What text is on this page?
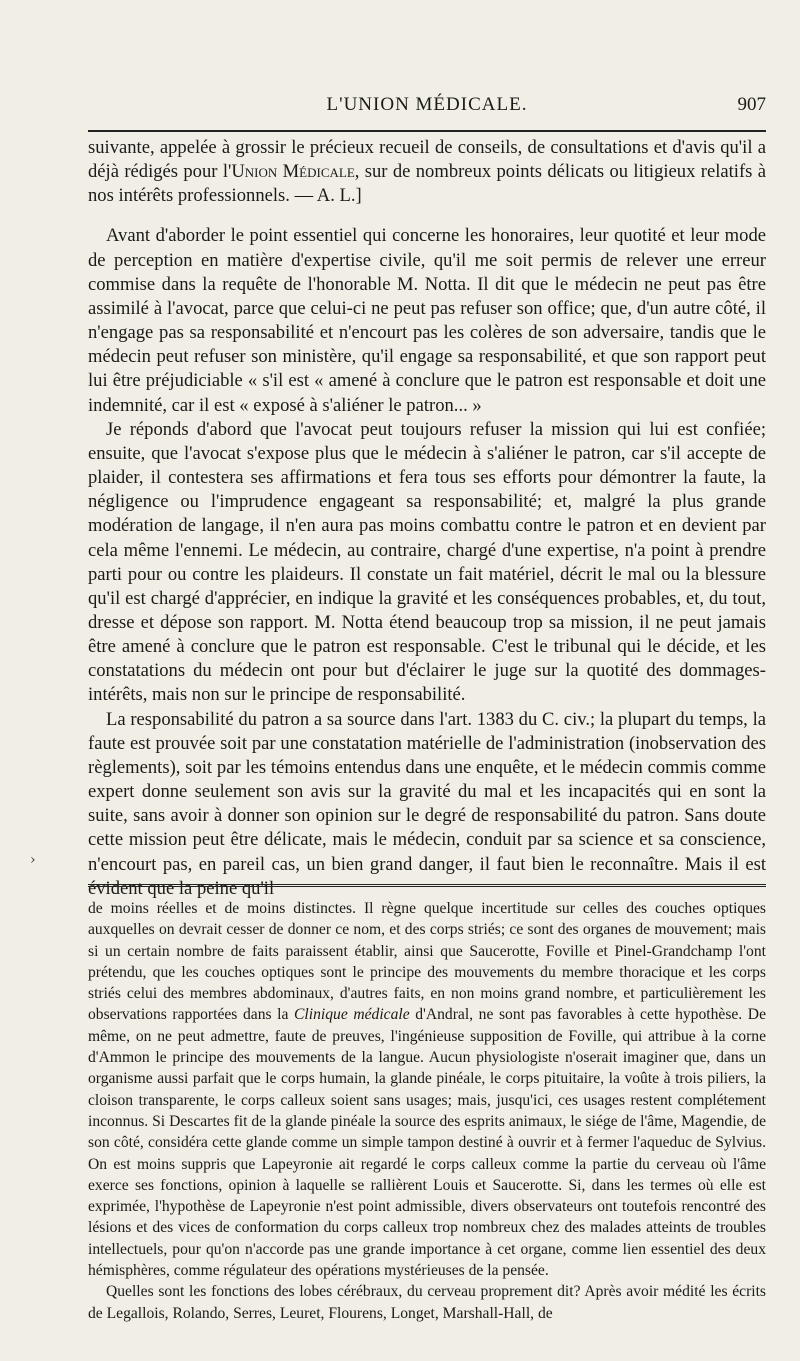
L'UNION MÉDICALE.	907

suivante, appelée à grossir le précieux recueil de conseils, de consultations et d'avis qu'il a déjà rédigés pour l'Union Médicale, sur de nombreux points délicats ou litigieux relatifs à nos intérêts professionnels. — A. L.]

Avant d'aborder le point essentiel qui concerne les honoraires, leur quotité et leur mode de perception en matière d'expertise civile, qu'il me soit permis de relever une erreur commise dans la requête de l'honorable M. Notta. Il dit que le médecin ne peut pas être assimilé à l'avocat, parce que celui-ci ne peut pas refuser son office; que, d'un autre côté, il n'engage pas sa responsabilité et n'encourt pas les colères de son adversaire, tandis que le médecin peut refuser son ministère, qu'il engage sa responsabilité, et que son rapport peut lui être préjudiciable « s'il est « amené à conclure que le patron est responsable et doit une indemnité, car il est « exposé à s'aliéner le patron... »

Je réponds d'abord que l'avocat peut toujours refuser la mission qui lui est confiée; ensuite, que l'avocat s'expose plus que le médecin à s'aliéner le patron, car s'il accepte de plaider, il contestera ses affirmations et fera tous ses efforts pour démontrer la faute, la négligence ou l'imprudence engageant sa responsabilité; et, malgré la plus grande modération de langage, il n'en aura pas moins combattu contre le patron et en devient par cela même l'ennemi. Le médecin, au contraire, chargé d'une expertise, n'a point à prendre parti pour ou contre les plaideurs. Il constate un fait matériel, décrit le mal ou la blessure qu'il est chargé d'apprécier, en indique la gravité et les conséquences probables, et, du tout, dresse et dépose son rapport. M. Notta étend beaucoup trop sa mission, il ne peut jamais être amené à conclure que le patron est responsable. C'est le tribunal qui le décide, et les constatations du médecin ont pour but d'éclairer le juge sur la quotité des dommages-intérêts, mais non sur le principe de responsabilité.

La responsabilité du patron a sa source dans l'art. 1383 du C. civ.; la plupart du temps, la faute est prouvée soit par une constatation matérielle de l'administration (inobservation des règlements), soit par les témoins entendus dans une enquête, et le médecin commis comme expert donne seulement son avis sur la gravité du mal et les incapacités qui en sont la suite, sans avoir à donner son opinion sur le degré de responsabilité du patron. Sans doute cette mission peut être délicate, mais le médecin, conduit par sa science et sa conscience, n'encourt pas, en pareil cas, un bien grand danger, il faut bien le reconnaître. Mais il est évident que la peine qu'il

›

de moins réelles et de moins distinctes. Il règne quelque incertitude sur celles des couches optiques auxquelles on devrait cesser de donner ce nom, et des corps striés; ce sont des organes de mouvement; mais si un certain nombre de faits paraissent établir, ainsi que Saucerotte, Foville et Pinel-Grandchamp l'ont prétendu, que les couches optiques sont le principe des mouvements du membre thoracique et les corps striés celui des membres abdominaux, d'autres faits, en non moins grand nombre, et particulièrement les observations rapportées dans la Clinique médicale d'Andral, ne sont pas favorables à cette hypothèse. De même, on ne peut admettre, faute de preuves, l'ingénieuse supposition de Foville, qui attribue à la corne d'Ammon le principe des mouvements de la langue. Aucun physiologiste n'oserait imaginer que, dans un organisme aussi parfait que le corps humain, la glande pinéale, le corps pituitaire, la voûte à trois piliers, la cloison transparente, le corps calleux soient sans usages; mais, jusqu'ici, ces usages restent complétement inconnus. Si Descartes fit de la glande pinéale la source des esprits animaux, le siége de l'âme, Magendie, de son côté, considéra cette glande comme un simple tampon destiné à ouvrir et à fermer l'aqueduc de Sylvius. On est moins suppris que Lapeyronie ait regardé le corps calleux comme la partie du cerveau où l'âme exerce ses fonctions, opinion à laquelle se rallièrent Louis et Saucerotte. Si, dans les termes où elle est exprimée, l'hypothèse de Lapeyronie n'est point admissible, divers observateurs ont toutefois rencontré des lésions et des vices de conformation du corps calleux trop nombreux chez des malades atteints de troubles intellectuels, pour qu'on n'accorde pas une grande importance à cet organe, comme lien essentiel des deux hémisphères, comme régulateur des opérations mystérieuses de la pensée.

Quelles sont les fonctions des lobes cérébraux, du cerveau proprement dit? Après avoir médité les écrits de Legallois, Rolando, Serres, Leuret, Flourens, Longet, Marshall-Hall, de
